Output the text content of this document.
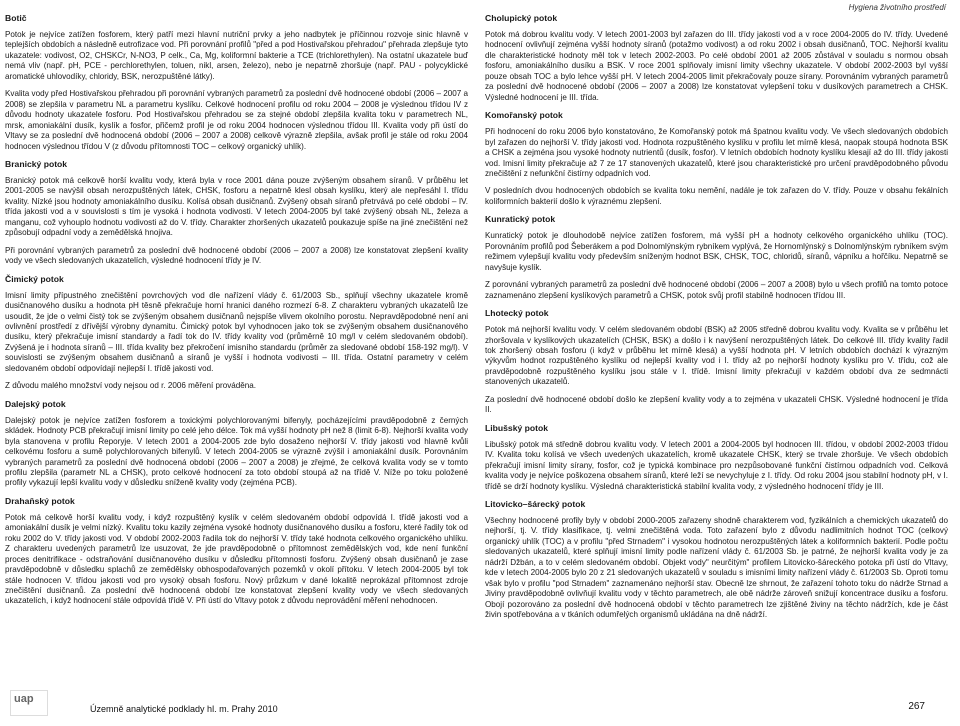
Hygiena životního prostředí
Botič

Potok je nejvíce zatížen fosforem, který patří mezi hlavní nutriční prvky a jeho nadbytek je příčinnou rozvoje sinic hlavně v teplejších obdobích a následně eutrofizace vod. Při porovnání profilů "před a pod Hostivařskou přehradou" přehrada zlepšuje tyto ukazatele: vodivost, O2, CHSKCr, N-NO3, P celk., Ca, Mg, koliformní bakterie a TCE (trichlorethylen). Na ostatní ukazatele buď nemá vliv (např. pH, PCE - perchlorethylen, toluen, nikl, arsen, železo), nebo je nepatrně zhoršuje (např. PAU - polycyklické aromatické uhlovodíky, chloridy, BSK, nerozpuštěné látky).

Kvalita vody před Hostivařskou přehradou při porovnání vybraných parametrů za poslední dvě hodnocené období (2006 – 2007 a 2008) se zlepšila v parametru NL a parametru kyslíku. Celkové hodnocení profilu od roku 2004 – 2008 je výslednou třídou IV z důvodu hodnoty ukazatele fosforu. Pod Hostivařskou přehradou se za stejné období zlepšila kvalita toku v parametrech NL, mrsk, amoniakální dusík, kyslík a fosfor, přičemž profil je od roku 2004 hodnocen výslednou třídou III. Kvalita vody při ústí do Vltavy se za poslední dvě hodnocená období (2006 – 2007 a 2008) celkově výrazně zlepšila, avšak profil je stále od roku 2004 hodnocen výslednou třídou V (z důvodu přítomnosti TOC – celkový organický uhlík).

Branický potok

Branický potok má celkově horší kvalitu vody, která byla v roce 2001 dána pouze zvýšeným obsahem síranů. V průběhu let 2001-2005 se navýšil obsah nerozpuštěných látek, CHSK, fosforu a nepatrně klesl obsah kyslíku, který ale nepřesáhl I. třídu kvality. Nízké jsou hodnoty amoniakálního dusíku. Kolísá obsah dusičnanů. Zvýšený obsah síranů přetrvává po celé období – IV. třída jakosti vod a v souvislosti s tím je vysoká i hodnota vodivosti. V letech 2004-2005 byl také zvýšený obsah NL, železa a manganu, což vyhouplo hodnotu vodivosti až do V. třídy. Charakter zhoršených ukazatelů poukazuje spíše na jiné znečištění než způsobují odpadní vody a zemědělská hnojiva.

Při porovnání vybraných parametrů za poslední dvě hodnocené období (2006 – 2007 a 2008) lze konstatovat zlepšení kvality vody ve všech sledovaných ukazatelích, výsledné hodnocení třídy je IV.

Čimický potok

Imisní limity přípustného znečištění povrchových vod dle nařízení vlády č. 61/2003 Sb., splňují všechny ukazatele kromě dusičnanového dusíku a hodnota pH těsně překračuje horní hranici daného rozmezí 6-8. Z charakteru vybraných ukazatelů lze usoudit, že jde o velmi čistý tok se zvýšeným obsahem dusičnanů nejspíše vlivem okolního porostu. Nepravděpodobné není ani ovlivnění prostředí z dřívější výrobny dynamitu. Čimický potok byl vyhodnocen jako tok se zvýšeným obsahem dusičnanového dusíku, který překračuje imisní standardy a řadí tok do IV. třídy kvality vod (průměrně 10 mg/l v celém sledovaném období). Zvýšená je i hodnota síranů – III. třída kvality bez překročení imisního standardu (průměr za sledované období 158-192 mg/l). V souvislosti se zvýšeným obsahem dusičnanů a síranů je vyšší i hodnota vodivosti – III. třída. Ostatní parametry v celém sledovaném období odpovídají nejlepší I. třídě jakosti vod.

Z důvodu malého množství vody nejsou od r. 2006 měření prováděna.

Dalejský potok

Dalejský potok je nejvíce zatížen fosforem a toxickými polychlorovanými bifenyly, pocházejícími pravděpodobně z černých skládek. Hodnoty PCB překračují imisní limity po celé jeho délce. Tok má vyšší hodnoty pH než 8 (limit 6-8). Nejhorší kvalita vody byla stanovena v profilu Řeporyje. V letech 2001 a 2004-2005 zde bylo dosaženo nejhorší V. třídy jakosti vod hlavně kvůli celkovému fosforu a sumě polychlorovaných bifenylů. V letech 2004-2005 se výrazně zvýšil i amoniakální dusík. Porovnáním vybraných parametrů za poslední dvě hodnocená období (2006 – 2007 a 2008) je zřejmé, že celková kvalita vody se v tomto profilu zlepšila (parametr NL a CHSK), proto celkové hodnocení za toto období stoupá až na třídě V. Níže po toku položené profily vykazují lepší kvalitu vody v důsledku sníženě kvality vody (zejména PCB).

Drahaňský potok

Potok má celkově horší kvalitu vody, i když rozpuštěný kyslík v celém sledovaném období odpovídá I. třídě jakosti vod a amoniakální dusík je velmi nízký. Kvalitu toku kazily zejména vysoké hodnoty dusičnanového dusíku a fosforu, které řadily tok od roku 2002 do V. třídy jakosti vod. V období 2002-2003 řadila tok do nejhorší V. třídy také hodnota celkového organického uhlíku. Z charakteru uvedených parametrů lze usuzovat, že jde pravděpodobně o přítomnost zemědělských vod, kde není funkční proces denitrifikace - odstraňování dusičnanového dusíku v důsledku přítomnosti fosforu. Zvýšený obsah dusičnanů je zase pravděpodobně v důsledku splachů ze zemědělsky obhospodařovaných pozemků v okolí přítoku. V letech 2004-2005 byl tok stále hodnocen V. třídou jakosti vod pro vysoký obsah fosforu. Nový průzkum v dané lokalitě neprokázal přítomnost zdroje znečištění dusičnanů. Za poslední dvě hodnocená období lze konstatovat zlepšení kvality vody ve všech sledovaných ukazatelích, i když hodnocení stále odpovídá třídě V. Při ústí do Vltavy potok z důvodu neprovádění měření nehodnocen.

Cholupický potok

Potok má dobrou kvalitu vody. V letech 2001-2003 byl zařazen do III. třídy jakosti vod a v roce 2004-2005 do IV. třídy. Uvedené hodnocení ovlivňují zejména vyšší hodnoty síranů (potažmo vodivost) a od roku 2002 i obsah dusičnanů, TOC. Nejhorší kvalitu dle charakteristické hodnoty měl tok v letech 2002-2003. Po celé období 2001 až 2005 zůstával v souladu s normou obsah fosforu, amoniakálního dusíku a BSK. V roce 2001 splňovaly imisní limity všechny ukazatele. V období 2002-2003 byl vyšší pouze obsah TOC a bylo lehce vyšší pH. V letech 2004-2005 limit překračovaly pouze sírany. Porovnáním vybraných parametrů za poslední dvě hodnocené období (2006 – 2007 a 2008) lze konstatovat vylepšení toku v dusíkových parametrech a CHSK. Výsledné hodnocení je III. třída.

Komořanský potok

Při hodnocení do roku 2006 bylo konstatováno, že Komořanský potok má špatnou kvalitu vody. Ve všech sledovaných obdobích byl zařazen do nejhorší V. třídy jakosti vod. Hodnota rozpuštěného kyslíku v profilu let mírně klesá, naopak stoupá hodnota BSK a CHSK a zejména jsou vysoké hodnoty nutrientů (dusík, fosfor). V letních obdobích hodnoty kyslíku klesají až do III. třídy jakosti vod. Imisní limity překračuje až 7 ze 17 stanovených ukazatelů, které jsou charakteristické pro určení pravděpodobného původu znečištění z nefunkční čistírny odpadních vod.

V posledních dvou hodnocených obdobích se kvalita toku nemění, nadále je tok zařazen do V. třídy. Pouze v obsahu fekálních koliformních bakterií došlo k výraznému zlepšení.

Kunratický potok

Kunratický potok je dlouhodobě nejvíce zatížen fosforem, má vyšší pH a hodnoty celkového organického uhlíku (TOC). Porovnáním profilů pod Šeberákem a pod Dolnomlýnským rybníkem vyplývá, že Hornomlýnský s Dolnomlýnským rybníkem svým režimem vylepšují kvalitu vody především sníženým hodnot BSK, CHSK, TOC, chloridů, síranů, vápníku a hořčíku. Nepatrně se navyšuje kyslík.

Z porovnání vybraných parametrů za poslední dvě hodnocené období (2006 – 2007 a 2008) bylo u všech profilů na tomto potoce zaznamenáno zlepšení kyslíkových parametrů a CHSK, potok svůj profil stabilně hodnocen třídou III.

Lhotecký potok

Potok má nejhorší kvalitu vody. V celém sledovaném období (BSK) až 2005 středně dobrou kvalitu vody. Kvalita se v průběhu let zhoršovala v kyslíkových ukazatelích (CHSK, BSK) a došlo i k navýšení nerozpuštěných látek. Do celkové III. třídy kvality řadil tok zhoršený obsah fosforu (i když v průběhu let mírně klesá) a vyšší hodnota pH. V letních obdobích dochází k výrazným výkyvům hodnot rozpuštěného kyslíku od nejlepší kvality vod i I. třídy až po nejhorší hodnoty kyslíku pro V. třídu, což ale pravděpodobně rozpuštěného kyslíku jsou stále v I. třídě. Imisní limity překračují v každém období dva ze sedmnácti stanovených ukazatelů.

Za poslední dvě hodnocené období došlo ke zlepšení kvality vody a to zejména v ukazateli CHSK. Výsledné hodnocení je třída II.

Libušský potok

Libušský potok má středně dobrou kvalitu vody. V letech 2001 a 2004-2005 byl hodnocen III. třídou, v období 2002-2003 třídou IV. Kvalita toku kolísá ve všech uvedených ukazatelích, kromě ukazatele CHSK, který se trvale zhoršuje. Ve všech obdobích překračují imisní limity sírany, fosfor, což je typická kombinace pro nezpůsobované funkční čistírnou odpadních vod. Celková kvalita vody je nejvíce poškozena obsahem síranů, které leží se nevychyluje z I. třídy. Od roku 2004 jsou stabilní hodnoty pH, v I. třídě se drží hodnoty kyslíku. Výsledná charakteristická stabilní kvalita vody, z výsledného hodnocení třídy je III.

Litovicko–šárecký potok

Všechny hodnocené profily byly v období 2000-2005 zařazeny shodně charakterem vod, fyzikálních a chemických ukazatelů do nejhorší, tj. V. třídy klasifikace, tj. velmi znečištěná voda. Toto zařazení bylo z důvodu nadlimitních hodnot TOC (celkový organický uhlík (TOC) a v profilu "před Strnadem" i vysokou hodnotou nerozpuštěných látek a koliformních bakterií. Podle počtu sledovaných ukazatelů, které splňují imisní limity podle nařízení vlády č. 61/2003 Sb. je patrné, že nejhorší kvalita vody je za nádrží Džbán, a to v celém sledovaném období. Objekt vody" neurčitým" profilem Litovicko-šáreckého potoka při ústí do Vltavy, kde v letech 2004-2005 bylo 20 z 21 sledovaných ukazatelů v souladu s imisními limity nařízení vlády č. 61/2003 Sb. Oproti tomu však bylo v profilu "pod Strnadem" zaznamenáno nejhorší stav. Obecně lze shrnout, že zařazení tohoto toku do nádrže Strnad a Jiviny pravděpodobně ovlivňují kvalitu vody v těchto parametrech, ale obě nádrže zároveň snižují koncentrace dusíku a fosforu. Obojí pozorováno za poslední dvě hodnocená období v těchto parametrech lze zjištěné živiny na těchto nádržích, kde je část živin spotřebována a v tkáních odumřelých organismů ukládána na dně nádrží.

uap
Územně analytické podklady hl. m. Prahy 2010	267
